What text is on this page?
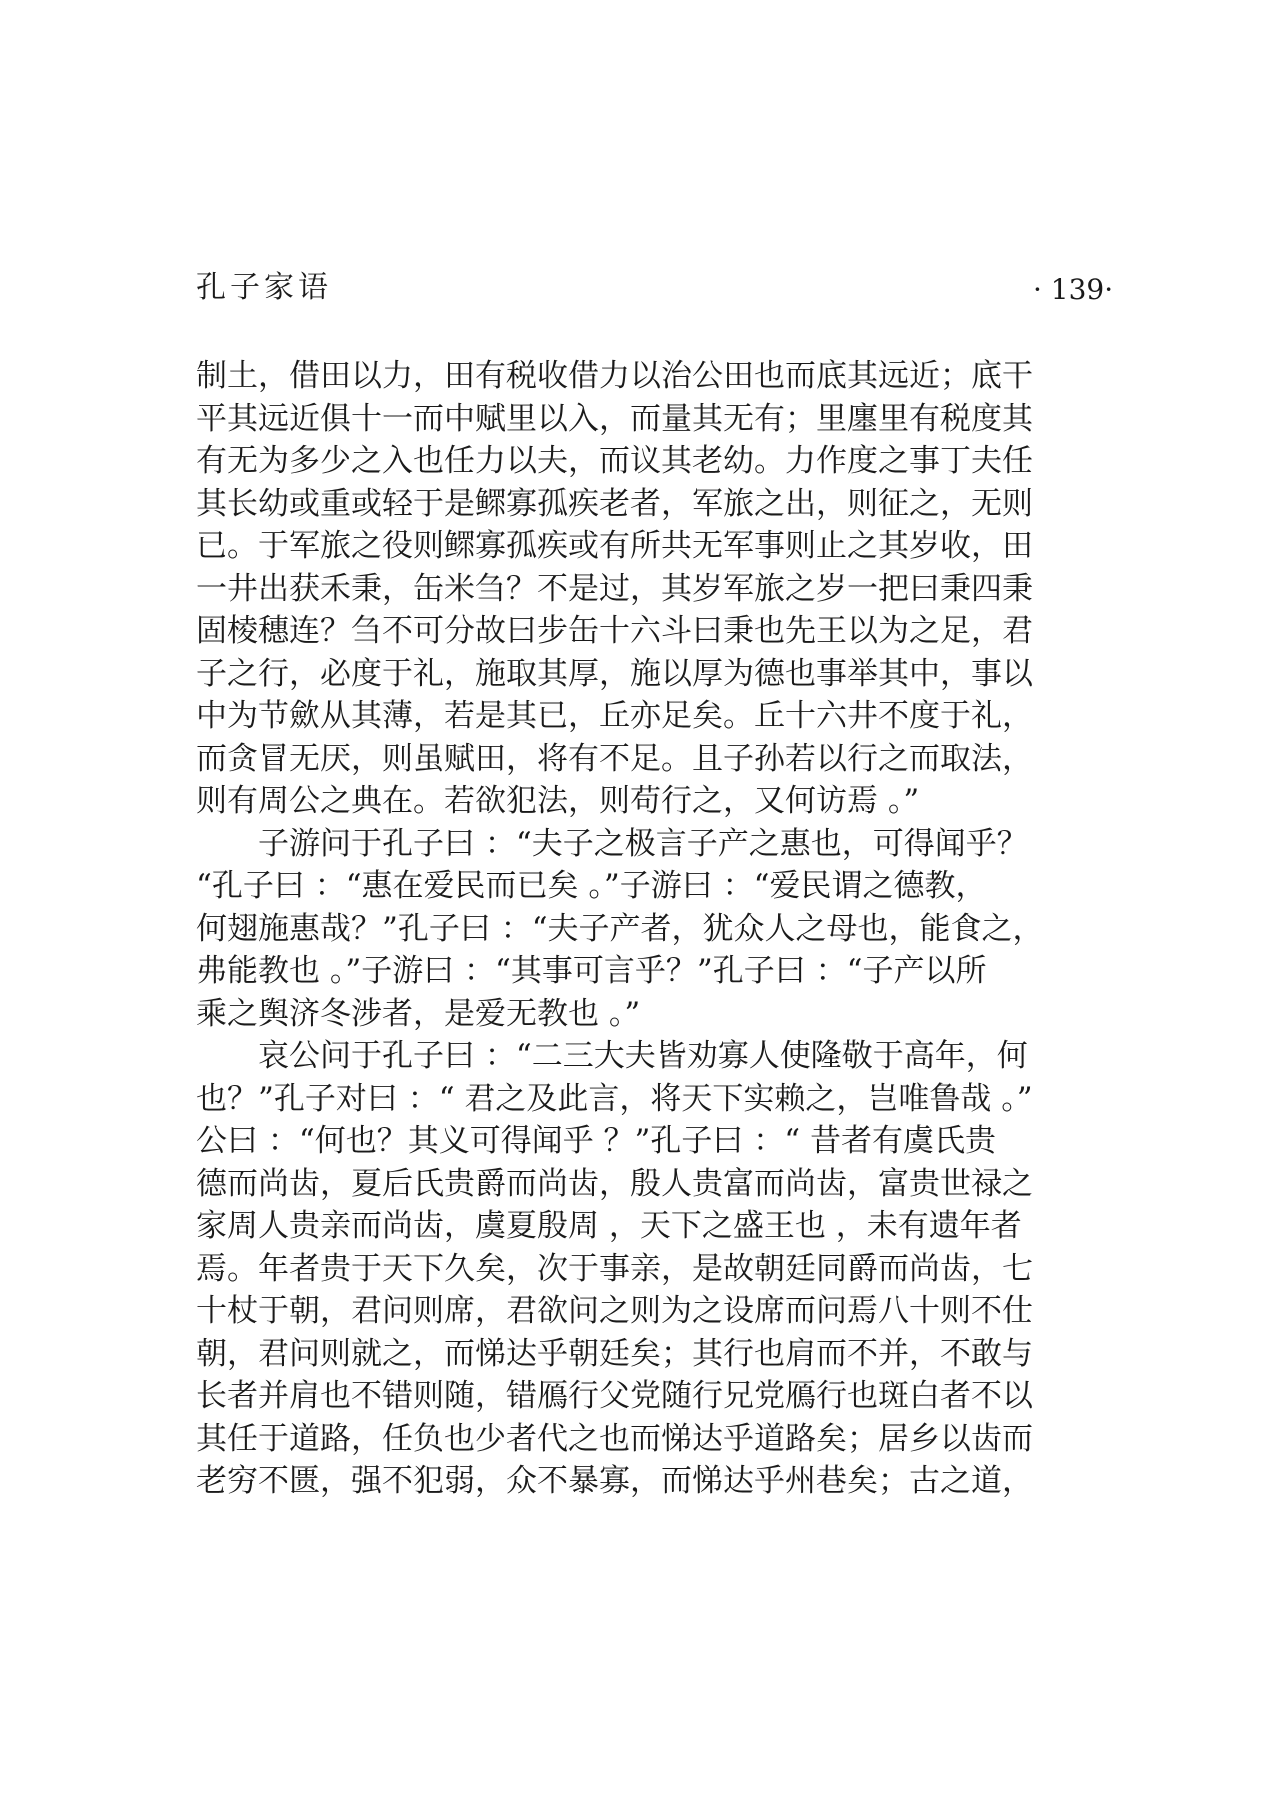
孔子家语	· 139·
制土，借田以力，田有税收借力以治公田也而底其远近；底干
平其远近俱十一而中赋里以入，而量其无有；里廛里有税度其
有无为多少之入也任力以夫，而议其老幼。力作度之事丁夫任
其长幼或重或轻于是鳏寡孤疾老者，军旅之出，则征之，无则
已。于军旅之役则鳏寡孤疾或有所共无军事则止之其岁收，田
一井出获禾秉，缶米刍？不是过，其岁军旅之岁一把曰秉四秉
固棱穗连？刍不可分故曰步缶十六斗曰秉也先王以为之足，君
子之行，必度于礼，施取其厚，施以厚为德也事举其中，事以
中为节歛从其薄，若是其已，丘亦足矣。丘十六井不度于礼，
而贪冒无厌，则虽赋田，将有不足。且子孙若以行之而取法，
则有周公之典在。若欲犯法，则苟行之，又何访焉 。”
子游问于孔子曰 ：“夫子之极言子产之惠也，可得闻乎？
“孔子曰 ：“惠在爱民而已矣 。”子游曰 ：“爱民谓之德教，
何翅施惠哉？”孔子曰 ：“夫子产者，犹众人之母也，能食之，
弗能教也 。”子游曰 ：“其事可言乎？”孔子曰 ：“子产以所
乘之舆济冬涉者，是爱无教也 。”
哀公问于孔子曰 ：“二三大夫皆劝寡人使隆敬于高年，何
也？”孔子对曰 ：“ 君之及此言，将天下实赖之，岂唯鲁哉 。”
公曰 ：“何也？其义可得闻乎 ？”孔子曰 ：“ 昔者有虞氏贵
德而尚齿，夏后氏贵爵而尚齿，殷人贵富而尚齿，富贵世禄之
家周人贵亲而尚齿，虞夏殷周 ，天下之盛王也 ，未有遗年者
焉。年者贵于天下久矣，次于事亲，是故朝廷同爵而尚齿，七
十杖于朝，君问则席，君欲问之则为之设席而问焉八十则不仕
朝，君问则就之，而悌达乎朝廷矣；其行也肩而不并，不敢与
长者并肩也不错则随，错鴈行父党随行兄党鴈行也斑白者不以
其任于道路，任负也少者代之也而悌达乎道路矣；居乡以齿而
老穷不匮，强不犯弱，众不暴寡，而悌达乎州巷矣；古之道，
